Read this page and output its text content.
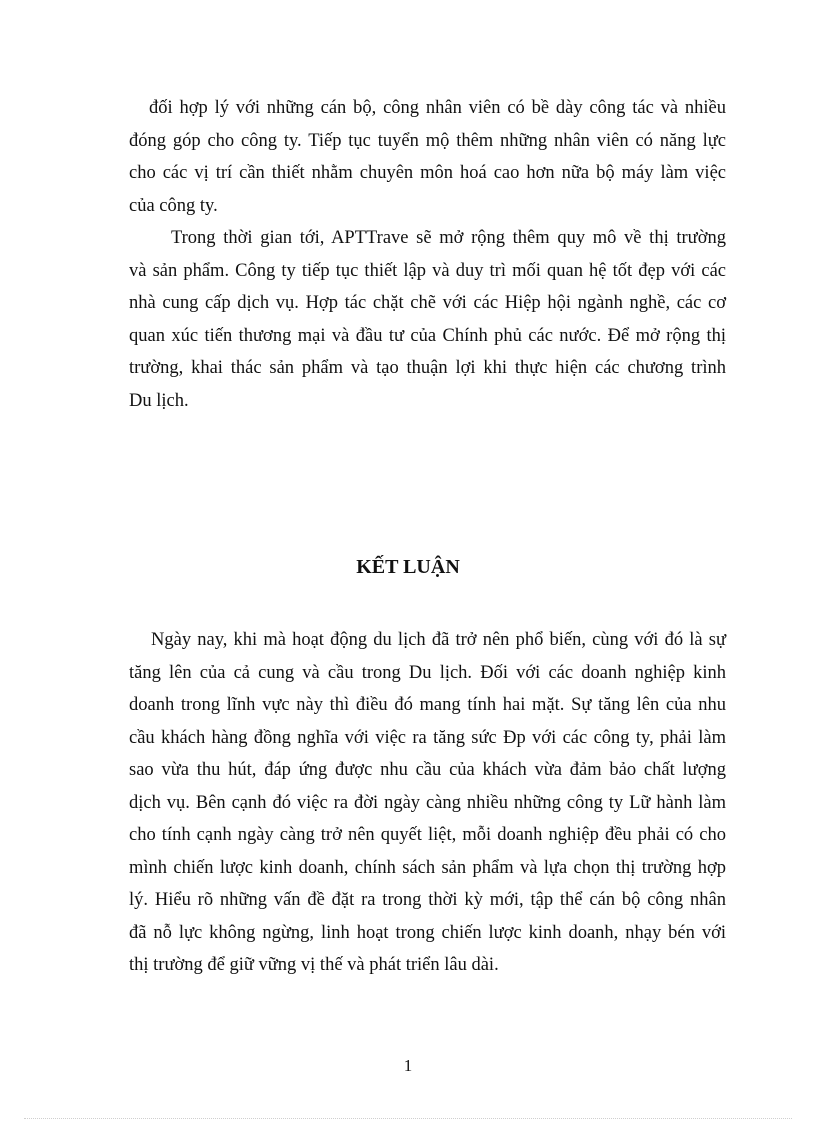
đối hợp lý với những cán bộ, công nhân viên có bề dày công tác và nhiều
đóng góp cho công ty. Tiếp tục tuyển mộ thêm những nhân viên có năng lực
cho các vị trí cần thiết nhằm chuyên môn hoá cao hơn nữa bộ máy làm việc
của công ty.
Trong thời gian tới, APTTrave sẽ mở rộng thêm quy mô về thị trường
và sản phẩm. Công ty tiếp tục thiết lập và duy trì mối quan hệ tốt đẹp với các
nhà cung cấp dịch vụ. Hợp tác chặt chẽ với các Hiệp hội ngành nghề, các cơ
quan xúc tiến thương mại và đầu tư của Chính phủ các nước. Để mở rộng thị
trường, khai thác sản phẩm và tạo thuận lợi khi thực hiện các chương trình
Du lịch.
KẾT LUẬN
Ngày nay, khi mà hoạt động du lịch đã trở nên phổ biến, cùng với đó là sự
tăng lên của cả cung và cầu trong Du lịch. Đối với các doanh nghiệp kinh
doanh trong lĩnh vực này thì điều đó mang tính hai mặt. Sự tăng lên của nhu
cầu khách hàng đồng nghĩa với việc ra tăng sức Đp với các công ty, phải làm
sao vừa thu hút, đáp ứng được nhu cầu của khách vừa đảm bảo chất lượng
dịch vụ. Bên cạnh đó việc ra đời ngày càng nhiều những công ty Lữ hành làm
cho tính cạnh ngày càng trở nên quyết liệt, mỗi doanh nghiệp đều phải có cho
mình chiến lược kinh doanh, chính sách sản phẩm và lựa chọn thị trường hợp
lý. Hiểu rõ những vấn đề đặt ra trong thời kỳ mới, tập thể cán bộ công nhân
đã nỗ lực không ngừng, linh hoạt trong chiến lược kinh doanh, nhạy bén với
thị trường để giữ vững vị thế và phát triển lâu dài.
1
